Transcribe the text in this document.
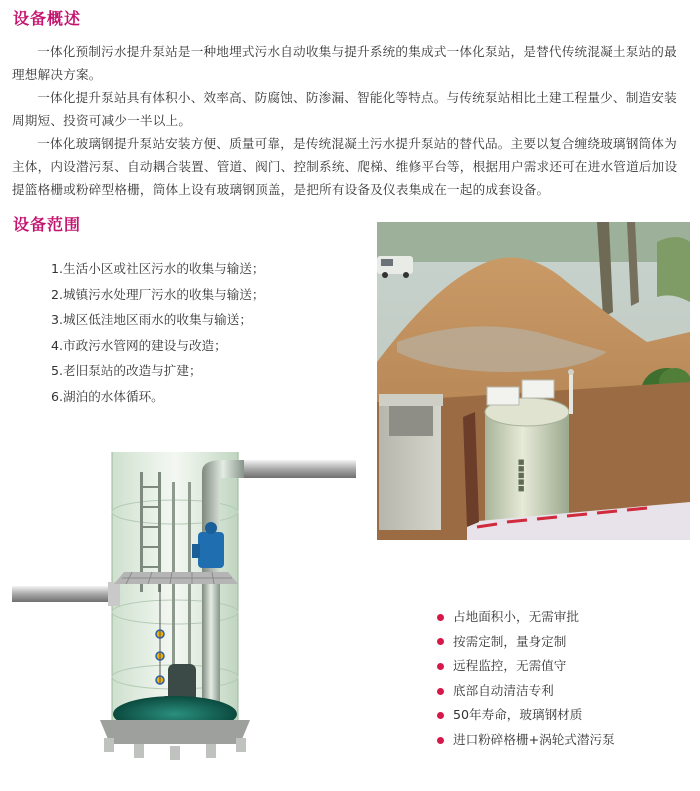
设备概述

一体化预制污水提升泵站是一种地埋式污水自动收集与提升系统的集成式一体化泵站，是替代传统混凝土泵站的最理想解决方案。

一体化提升泵站具有体积小、效率高、防腐蚀、防渗漏、智能化等特点。与传统泵站相比土建工程量少、制造安装周期短、投资可减少一半以上。

一体化玻璃钢提升泵站安装方便、质量可靠，是传统混凝土污水提升泵站的替代品。主要以复合缠绕玻璃钢筒体为主体，内设潜污泵、自动耦合装置、管道、阀门、控制系统、爬梯、维修平台等，根据用户需求还可在进水管道后加设提篮格栅或粉碎型格栅，筒体上设有玻璃钢顶盖，是把所有设备及仪表集成在一起的成套设备。

设备范围
1.生活小区或社区污水的收集与输送；
2.城镇污水处理厂污水的收集与输送；
3.城区低洼地区雨水的收集与输送；
4.市政污水管网的建设与改造；
5.老旧泵站的改造与扩建；
6.湖泊的水体循环。
■■■■■
占地面积小，无需审批
按需定制，量身定制
远程监控，无需值守
底部自动清洁专利
50年寿命，玻璃钢材质
进口粉碎格栅+涡轮式潜污泵
